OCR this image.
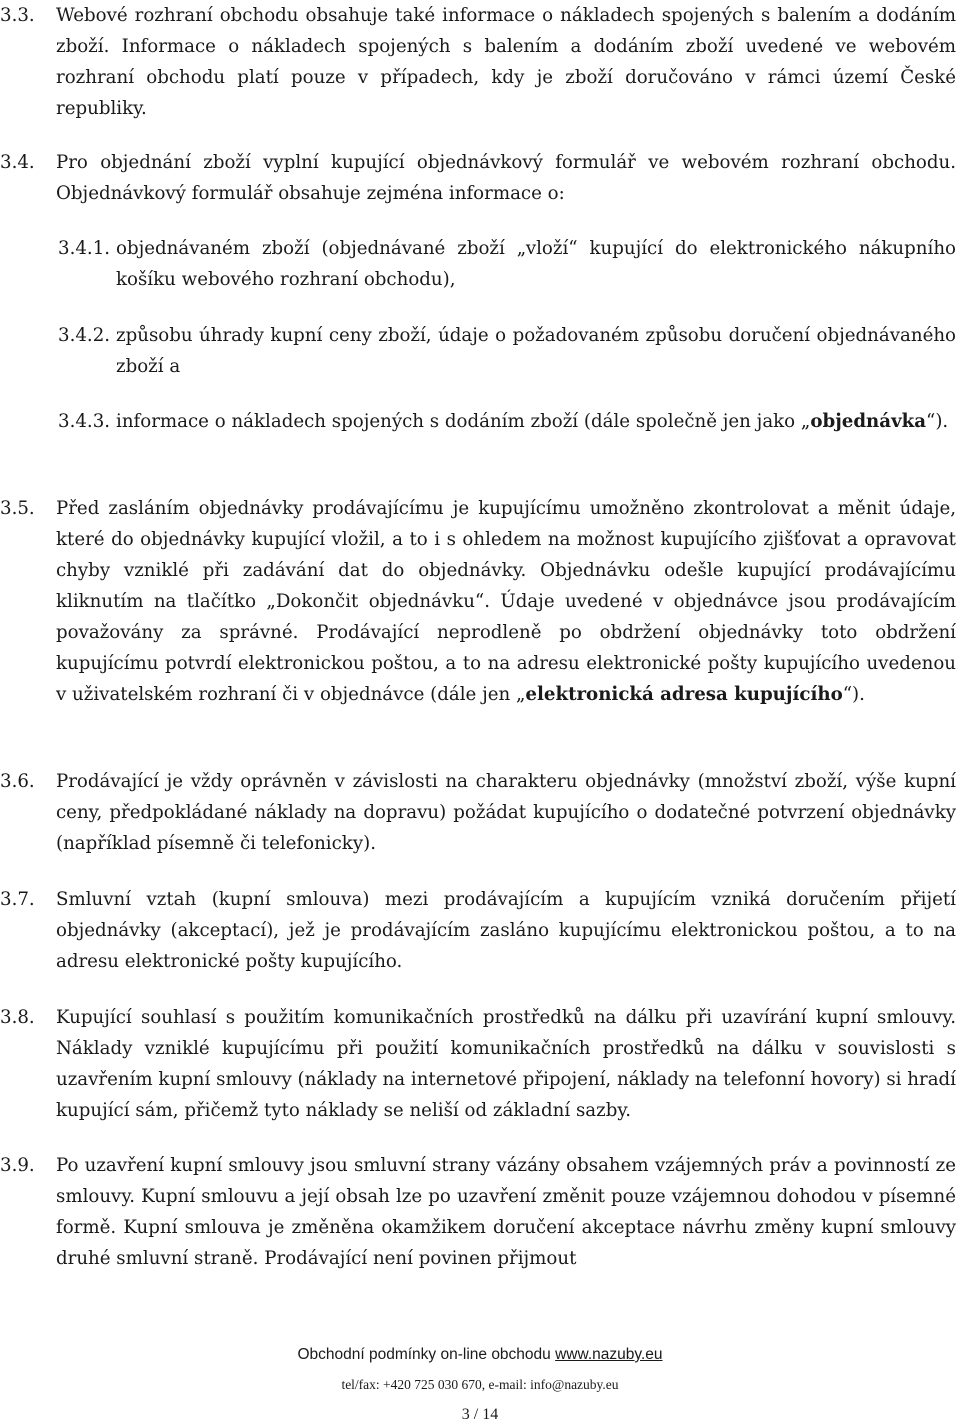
3.3.	Webové rozhraní obchodu obsahuje také informace o nákladech spojených s balením a dodáním zboží. Informace o nákladech spojených s balením a dodáním zboží uvedené ve webovém rozhraní obchodu platí pouze v případech, kdy je zboží doručováno v rámci území České republiky.
3.4.	Pro objednání zboží vyplní kupující objednávkový formulář ve webovém rozhraní obchodu. Objednávkový formulář obsahuje zejména informace o:
3.4.1. objednávaném zboží (objednávané zboží „vloží“ kupující do elektronického nákupního košíku webového rozhraní obchodu),
3.4.2. způsobu úhrady kupní ceny zboží, údaje o požadovaném způsobu doručení objednávaného zboží a
3.4.3. informace o nákladech spojených s dodáním zboží (dále společně jen jako „objednávka“).
3.5.	Před zasláním objednávky prodávajícímu je kupujícímu umožněno zkontrolovat a měnit údaje, které do objednávky kupující vložil, a to i s ohledem na možnost kupujícího zjišťovat a opravovat chyby vzniklé při zadávání dat do objednávky. Objednávku odešle kupující prodávajícímu kliknutím na tlačítko „Dokončit objednávku“. Údaje uvedené v objednávce jsou prodávajícím považovány za správné. Prodávající neprodleně po obdržení objednávky toto obdržení kupujícímu potvrdí elektronickou poštou, a to na adresu elektronické pošty kupujícího uvedenou v uživatelském rozhraní či v objednávce (dále jen „elektronická adresa kupujícího“).
3.6.	Prodávající je vždy oprávněn v závislosti na charakteru objednávky (množství zboží, výše kupní ceny, předpokládané náklady na dopravu) požádat kupujícího o dodatečné potvrzení objednávky (například písemně či telefonicky).
3.7.	Smluvní vztah (kupní smlouva) mezi prodávajícím a kupujícím vzniká doručením přijetí objednávky (akceptací), jež je prodávajícím zasláno kupujícímu elektronickou poštou, a to na adresu elektronické pošty kupujícího.
3.8.	Kupující souhlasí s použitím komunikačních prostředků na dálku při uzavírání kupní smlouvy. Náklady vzniklé kupujícímu při použití komunikačních prostředků na dálku v souvislosti s uzavřením kupní smlouvy (náklady na internetové připojení, náklady na telefonní hovory) si hradí kupující sám, přičemž tyto náklady se neliší od základní sazby.
3.9.	Po uzavření kupní smlouvy jsou smluvní strany vázány obsahem vzájemných práv a povinností ze smlouvy. Kupní smlouvu a její obsah lze po uzavření změnit pouze vzájemnou dohodou v písemné formě. Kupní smlouva je změněna okamžikem doručení akceptace návrhu změny kupní smlouvy druhé smluvní straně. Prodávající není povinen přijmout
Obchodní podmínky on-line obchodu www.nazuby.eu
tel/fax: +420 725 030 670, e-mail: info@nazuby.eu
3 / 14
